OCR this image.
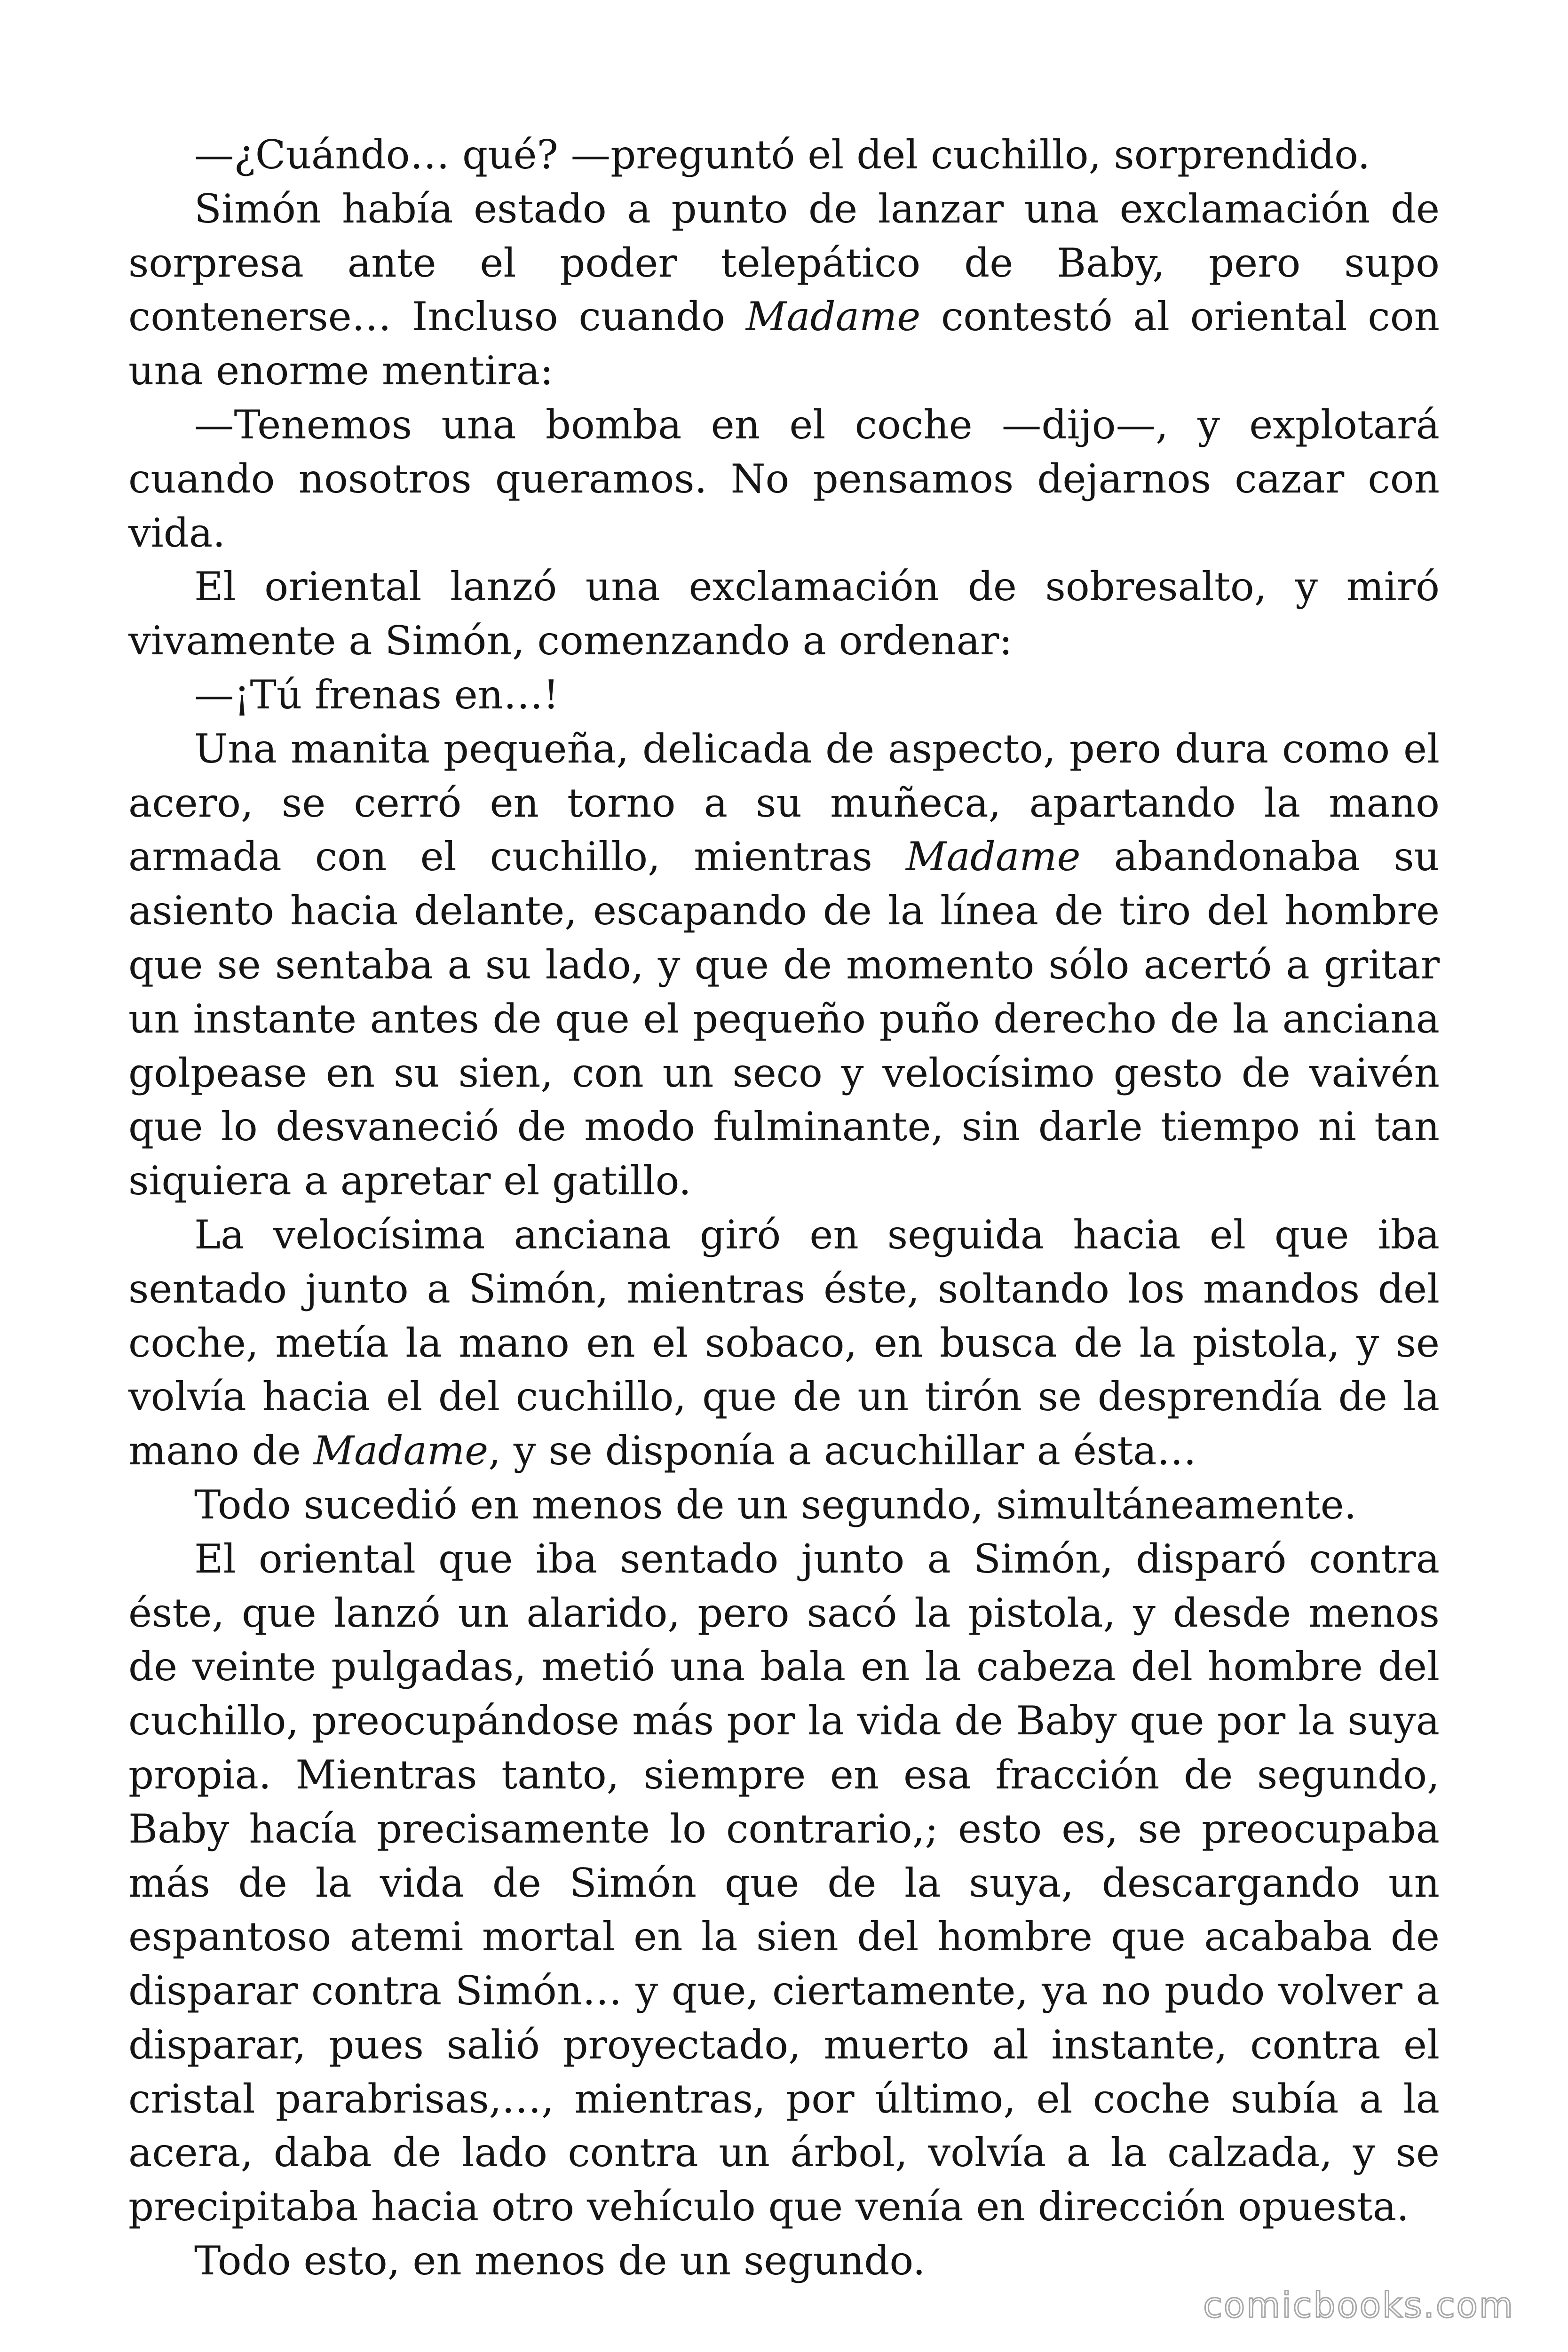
—¿Cuándo… qué? —preguntó el del cuchillo, sorprendido.

Simón había estado a punto de lanzar una exclamación de sorpresa ante el poder telepático de Baby, pero supo contenerse… Incluso cuando Madame contestó al oriental con una enorme mentira:

—Tenemos una bomba en el coche —dijo—, y explotará cuando nosotros queramos. No pensamos dejarnos cazar con vida.

El oriental lanzó una exclamación de sobresalto, y miró vivamente a Simón, comenzando a ordenar:

—¡Tú frenas en…!

Una manita pequeña, delicada de aspecto, pero dura como el acero, se cerró en torno a su muñeca, apartando la mano armada con el cuchillo, mientras Madame abandonaba su asiento hacia delante, escapando de la línea de tiro del hombre que se sentaba a su lado, y que de momento sólo acertó a gritar un instante antes de que el pequeño puño derecho de la anciana golpease en su sien, con un seco y velocísimo gesto de vaivén que lo desvaneció de modo fulminante, sin darle tiempo ni tan siquiera a apretar el gatillo.

La velocísima anciana giró en seguida hacia el que iba sentado junto a Simón, mientras éste, soltando los mandos del coche, metía la mano en el sobaco, en busca de la pistola, y se volvía hacia el del cuchillo, que de un tirón se desprendía de la mano de Madame, y se disponía a acuchillar a ésta…

Todo sucedió en menos de un segundo, simultáneamente.

El oriental que iba sentado junto a Simón, disparó contra éste, que lanzó un alarido, pero sacó la pistola, y desde menos de veinte pulgadas, metió una bala en la cabeza del hombre del cuchillo, preocupándose más por la vida de Baby que por la suya propia. Mientras tanto, siempre en esa fracción de segundo, Baby hacía precisamente lo contrario,; esto es, se preocupaba más de la vida de Simón que de la suya, descargando un espantoso atemi mortal en la sien del hombre que acababa de disparar contra Simón… y que, ciertamente, ya no pudo volver a disparar, pues salió proyectado, muerto al instante, contra el cristal parabrisas,…, mientras, por último, el coche subía a la acera, daba de lado contra un árbol, volvía a la calzada, y se precipitaba hacia otro vehículo que venía en dirección opuesta.

Todo esto, en menos de un segundo.

comicbooks.com
